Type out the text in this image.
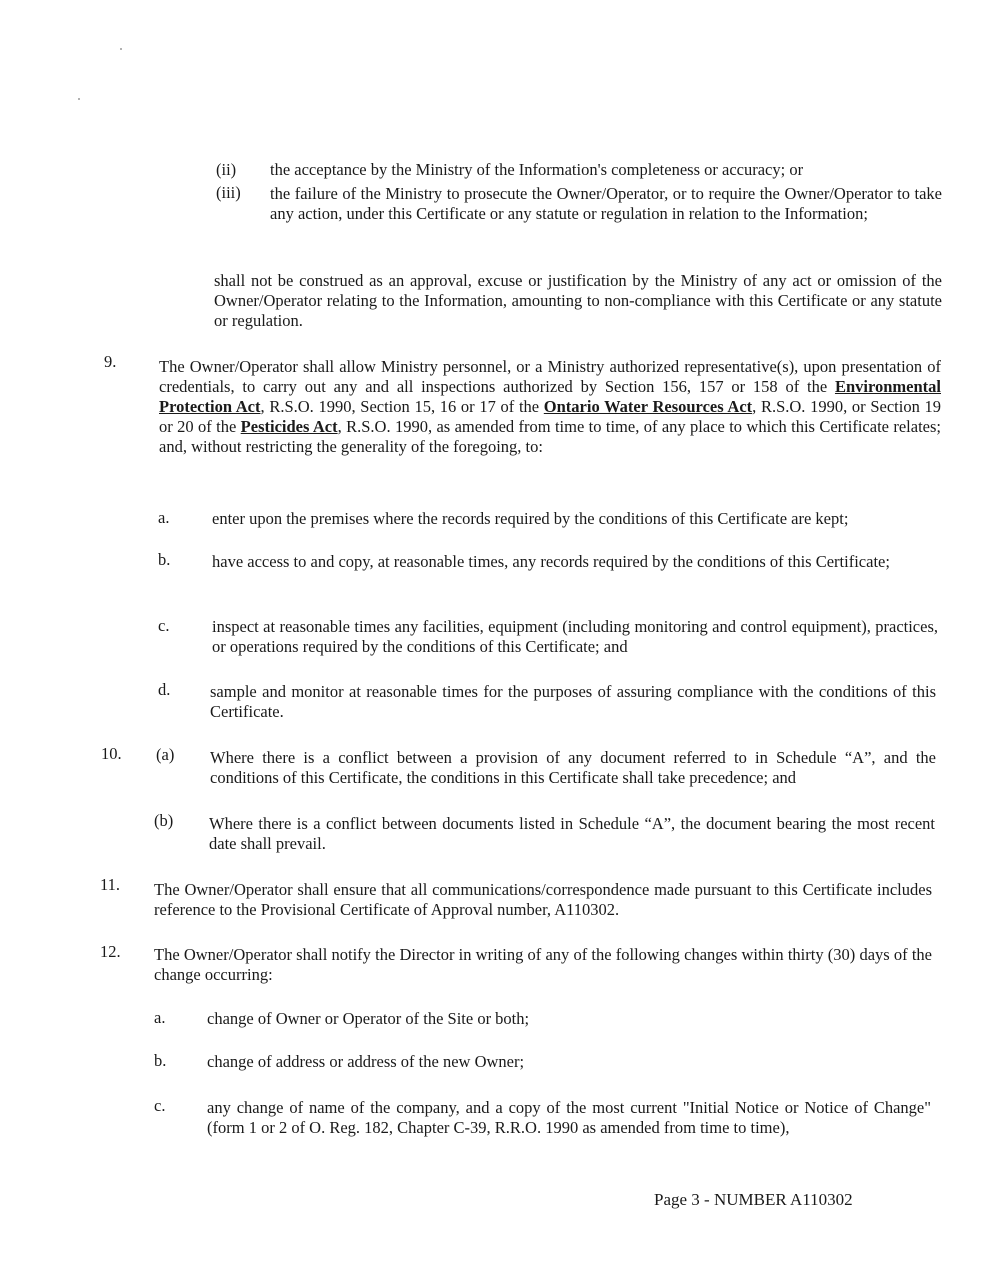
(ii) the acceptance by the Ministry of the Information's completeness or accuracy; or

(iii) the failure of the Ministry to prosecute the Owner/Operator, or to require the Owner/Operator to take any action, under this Certificate or any statute or regulation in relation to the Information;

shall not be construed as an approval, excuse or justification by the Ministry of any act or omission of the Owner/Operator relating to the Information, amounting to non-compliance with this Certificate or any statute or regulation.

9.	The Owner/Operator shall allow Ministry personnel, or a Ministry authorized representative(s), upon presentation of credentials, to carry out any and all inspections authorized by Section 156, 157 or 158 of the Environmental Protection Act, R.S.O. 1990, Section 15, 16 or 17 of the Ontario Water Resources Act, R.S.O. 1990, or Section 19 or 20 of the Pesticides Act, R.S.O. 1990, as amended from time to time, of any place to which this Certificate relates; and, without restricting the generality of the foregoing, to:

a.	enter upon the premises where the records required by the conditions of this Certificate are kept;

b.	have access to and copy, at reasonable times, any records required by the conditions of this Certificate;

c.	inspect at reasonable times any facilities, equipment (including monitoring and control equipment), practices, or operations required by the conditions of this Certificate; and

d. sample and monitor at reasonable times for the purposes of assuring compliance with the conditions of this Certificate.

10. (a) Where there is a conflict between a provision of any document referred to in Schedule “A”, and the conditions of this Certificate, the conditions in this Certificate shall take precedence; and

(b) Where there is a conflict between documents listed in Schedule “A”, the document bearing the most recent date shall prevail.

11. The Owner/Operator shall ensure that all communications/correspondence made pursuant to this Certificate includes reference to the Provisional Certificate of Approval number, A110302.

12. The Owner/Operator shall notify the Director in writing of any of the following changes within thirty (30) days of the change occurring:

a.	change of Owner or Operator of the Site or both;

b. change of address or address of the new Owner;

c.	any change of name of the company, and a copy of the most current "Initial Notice or Notice of Change" (form 1 or 2 of O. Reg. 182, Chapter C-39, R.R.O. 1990 as amended from time to time),

Page 3 - NUMBER A110302
